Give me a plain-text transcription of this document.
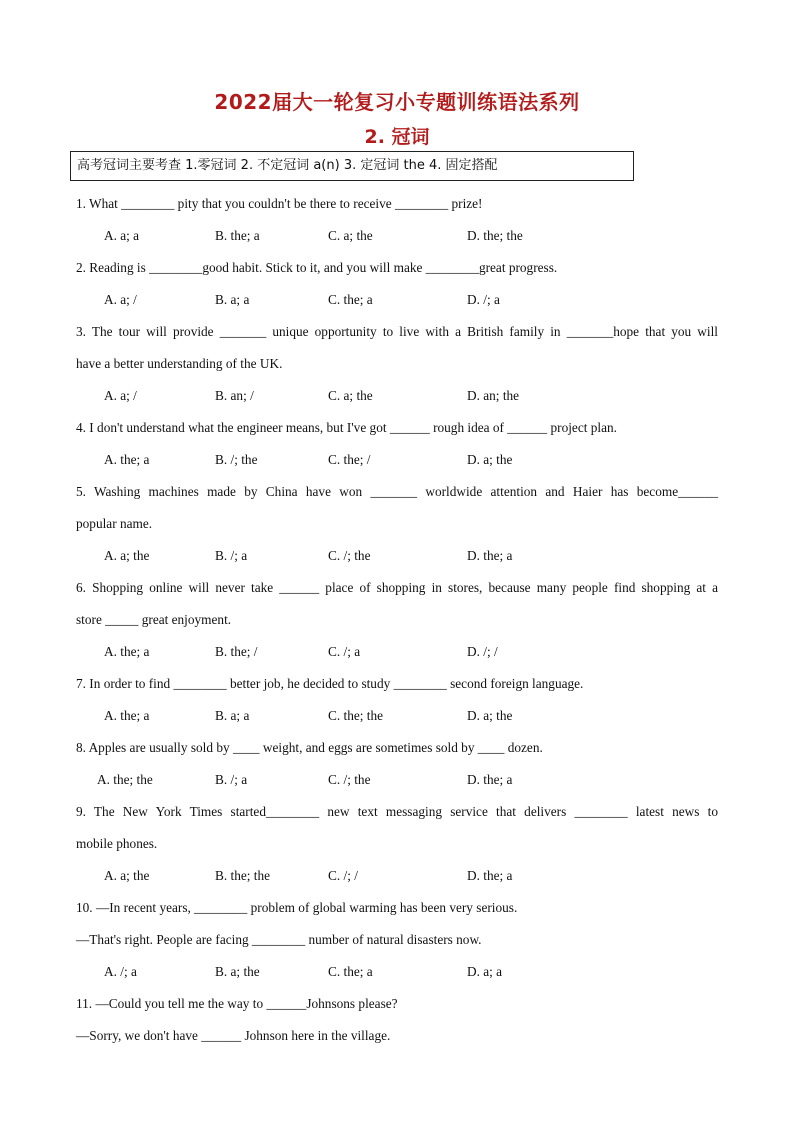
2022届大一轮复习小专题训练语法系列
2. 冠词
高考冠词主要考查 1.零冠词 2. 不定冠词 a(n) 3. 定冠词 the 4. 固定搭配
1. What ________ pity that you couldn't be there to receive ________ prize!
A. a; a	B. the; a	C. a; the	D. the; the
2. Reading is ________good habit. Stick to it, and you will make ________great progress.
A. a; /	B. a; a	C. the; a	D. /; a
3. The tour will provide _______ unique opportunity to live with a British family in _______hope that you will
have a better understanding of the UK.
A. a; /	B. an; /	C. a; the	D. an; the
4. I don't understand what the engineer means, but I've got ______ rough idea of ______ project plan.
A. the; a	B. /; the	C. the; /	D. a; the
5. Washing machines made by China have won _______ worldwide attention and Haier has become______
popular name.
A. a; the	B. /; a	C. /; the	D. the; a
6. Shopping online will never take ______ place of shopping in stores, because many people find shopping at a
store _____ great enjoyment.
A. the; a	B. the; /	C. /; a	D. /; /
7. In order to find ________ better job, he decided to study ________ second foreign language.
A. the; a	B. a; a	C. the; the	D. a; the
8. Apples are usually sold by ____ weight, and eggs are sometimes sold by ____ dozen.
A. the; the	B. /; a	C. /; the	D. the; a
9. The New York Times started________ new text messaging service that delivers ________ latest news to
mobile phones.
A. a; the	B. the; the	C. /; /	D. the; a
10. —In recent years, ________ problem of global warming has been very serious.
—That's right. People are facing ________ number of natural disasters now.
A. /; a	B. a; the	C. the; a	D. a; a
11. —Could you tell me the way to ______Johnsons please?
—Sorry, we don't have ______ Johnson here in the village.
